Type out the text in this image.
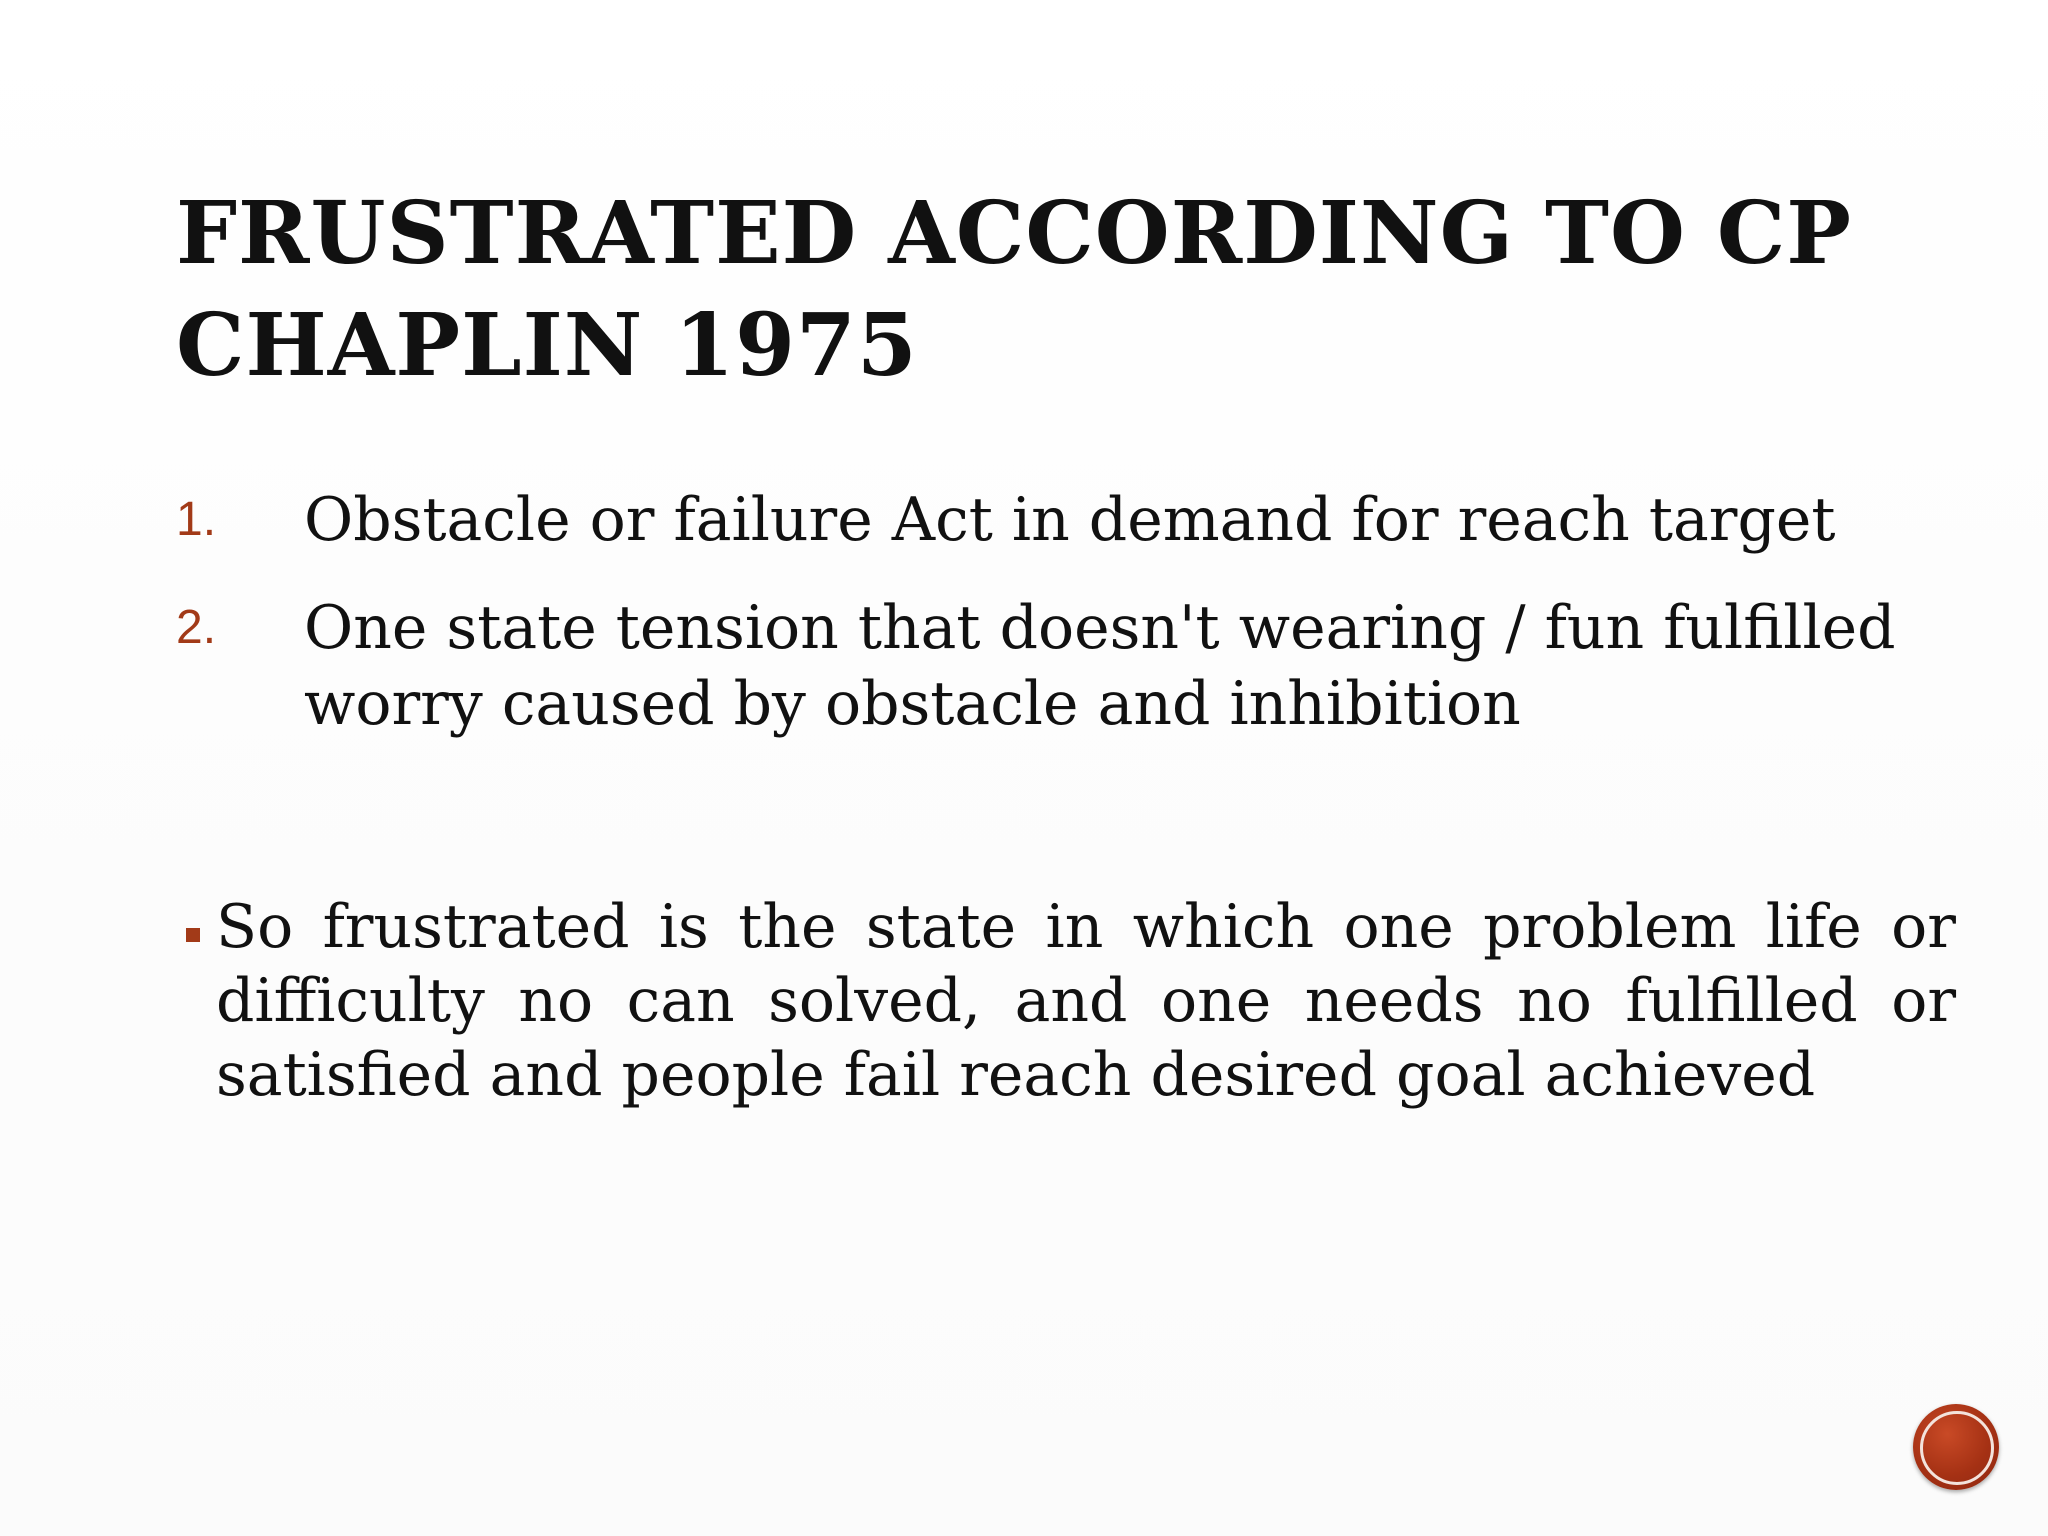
FRUSTRATED ACCORDING TO CP CHAPLIN 1975
1. Obstacle or failure Act in demand for reach target
2. One state tension that doesn't wearing / fun fulfilled worry caused by obstacle and inhibition

So frustrated is the state in which one problem life or difficulty no can solved, and one needs no fulfilled or satisfied and people fail reach desired goal achieved
